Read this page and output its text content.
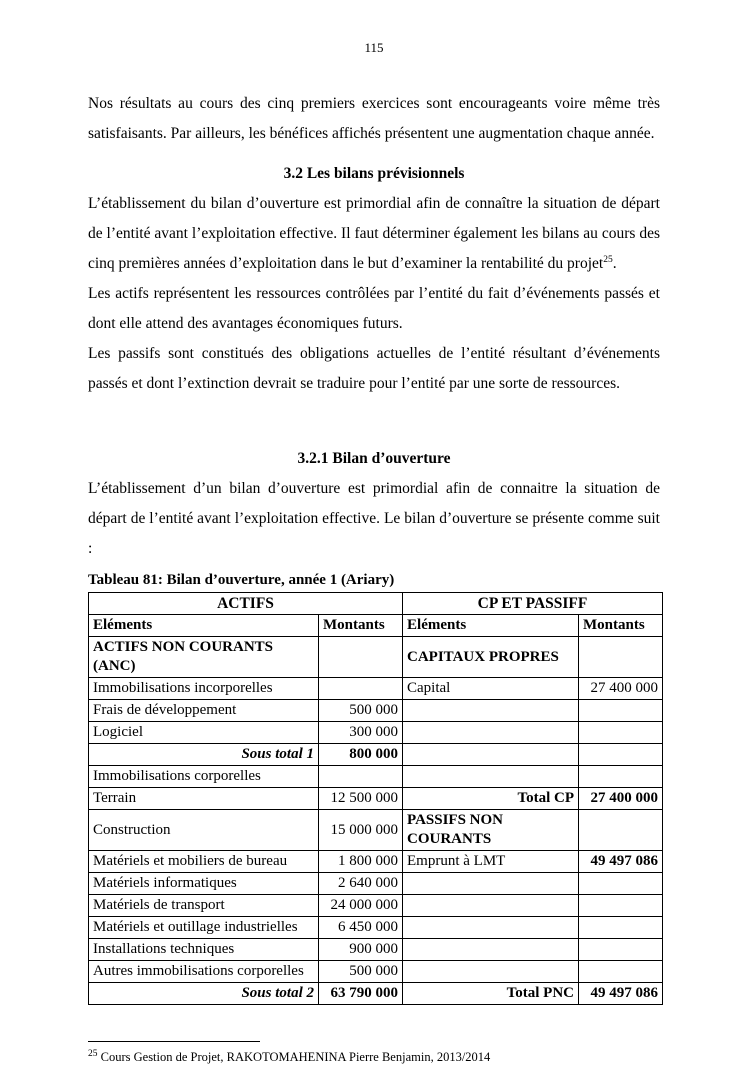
115

Nos résultats au cours des cinq premiers exercices sont encourageants voire même très satisfaisants. Par ailleurs, les bénéfices affichés présentent une augmentation chaque année.

3.2 Les bilans prévisionnels

L’établissement du bilan d’ouverture est primordial afin de connaître la situation de départ de l’entité avant l’exploitation effective. Il faut déterminer également les bilans au cours des cinq premières années d’exploitation dans le but d’examiner la rentabilité du projet$^{25}$.

Les actifs représentent les ressources contrôlées par l’entité du fait d’événements passés et dont elle attend des avantages économiques futurs.

Les passifs sont constitués des obligations actuelles de l’entité résultant d’événements passés et dont l’extinction devrait se traduire pour l’entité par une sorte de ressources.

3.2.1 Bilan d’ouverture

L’établissement d’un bilan d’ouverture est primordial afin de connaitre la situation de départ de l’entité avant l’exploitation effective. Le bilan d’ouverture se présente comme suit :

Tableau 81: Bilan d’ouverture, année 1 (Ariary)
ACTIFS		CP ET PASSIFF	
Eléments	Montants	Eléments	Montants
ACTIFS NON COURANTS
(ANC)		CAPITAUX PROPRES	
Immobilisations incorporelles		Capital	27 400 000
Frais de développement	500 000		
Logiciel	300 000		
Sous total 1	800 000		
Immobilisations corporelles			
Terrain	12 500 000	Total CP	27 400 000
Construction	15 000 000	PASSIFS NON
COURANTS	
Matériels et mobiliers de bureau	1 800 000	Emprunt à LMT	49 497 086
Matériels informatiques	2 640 000		
Matériels de transport	24 000 000		
Matériels et outillage industrielles	6 450 000		
Installations techniques	900 000		
Autres immobilisations corporelles	500 000		
Sous total 2	63 790 000	Total PNC	49 497 086
$^{25}$ Cours Gestion de Projet, RAKOTOMAHENINA Pierre Benjamin, 2013/2014
